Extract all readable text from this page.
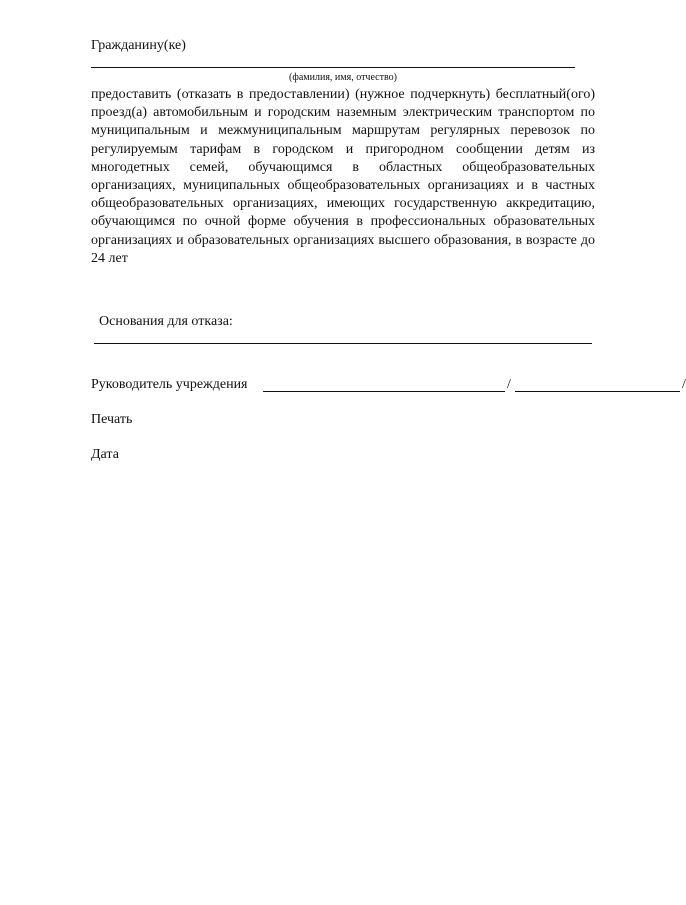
Гражданину(ке)
(фамилия, имя, отчество)

предоставить (отказать в предоставлении) (нужное подчеркнуть) бесплатный(ого) проезд(а) автомобильным и городским наземным электрическим транспортом по муниципальным и межмуниципальным маршрутам регулярных перевозок по регулируемым тарифам в городском и пригородном сообщении детям из многодетных семей, обучающимся в областных общеобразовательных организациях, муниципальных общеобразовательных организациях и в частных общеобразовательных организациях, имеющих государственную аккредитацию, обучающимся по очной форме обучения в профессиональных образовательных организациях и образовательных организациях высшего образования, в возрасте до 24 лет

Основания для отказа:
Руководитель учреждения	/	/
Печать
Дата
